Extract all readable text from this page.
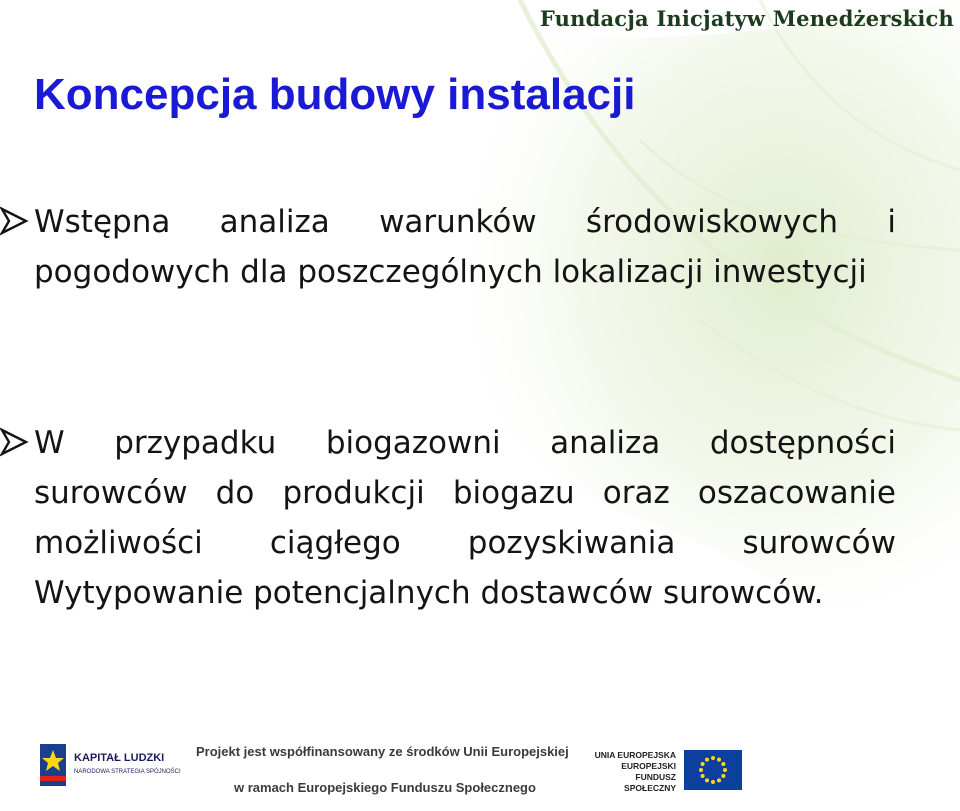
Fundacja Inicjatyw Menedżerskich
Koncepcja budowy instalacji
Wstępna analiza warunków środowiskowych i pogodowych dla poszczególnych lokalizacji inwestycji
W przypadku biogazowni analiza dostępności surowców do produkcji biogazu oraz oszacowanie możliwości ciągłego pozyskiwania surowców Wytypowanie potencjalnych dostawców surowców.
KAPITAŁ LUDZKI
NARODOWA STRATEGIA SPÓJNOŚCI
Projekt jest współfinansowany ze środków Unii Europejskiej
w ramach Europejskiego Funduszu Społecznego
UNIA EUROPEJSKA
EUROPEJSKI
FUNDUSZ SPOŁECZNY
